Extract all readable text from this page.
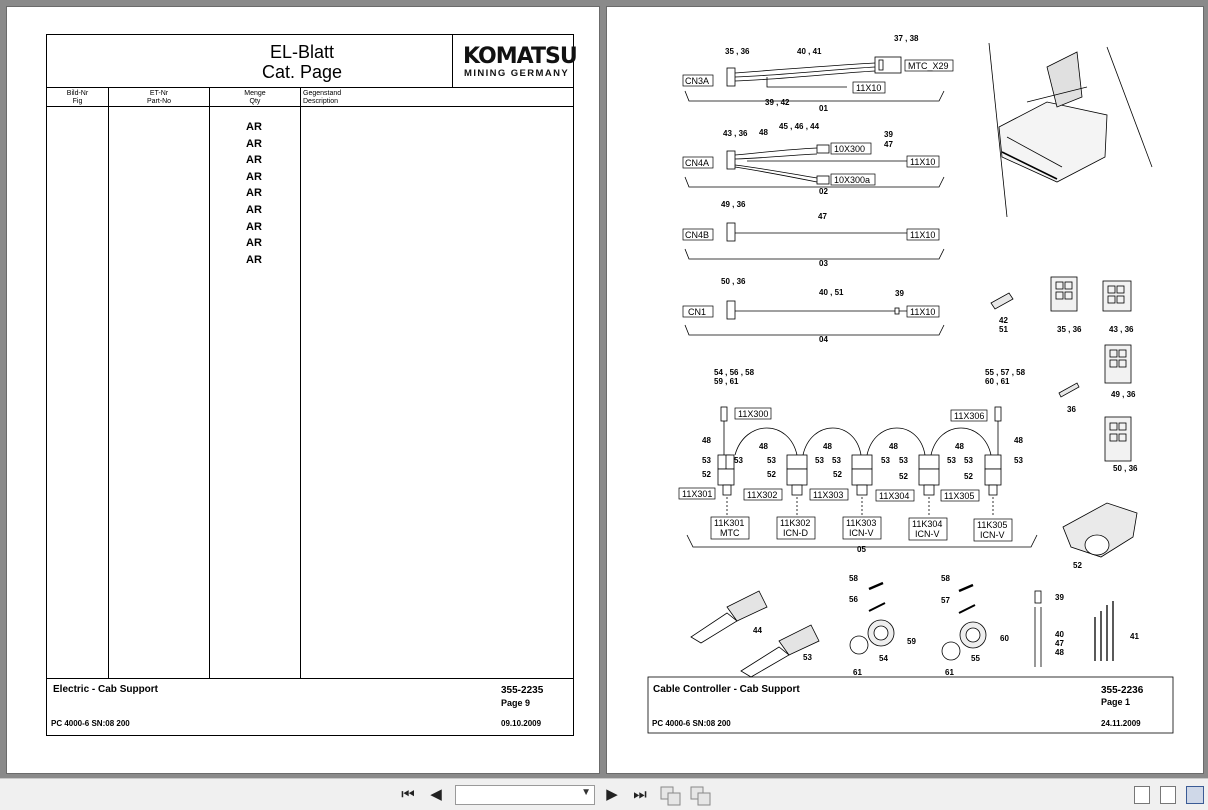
EL-Blatt
Cat. Page
KOMATSU
MINING GERMANY
Bild-Nr
Fig
ET-Nr
Part-No
Menge
Qty
Gegenstand
Description
AR
AR
AR
AR
AR
AR
AR
AR
AR
Electric - Cab Support	355-2235
Page 9
PC 4000-6 SN:08 200	09.10.2009
35 , 36	40 , 41
37 , 38
CN3A
MTC_X29
11X10
39 , 42
01
43 , 36 48
45 , 46 , 44
CN4A
10X300
10X300a
39
47
11X10
02
49 , 36
47
CN4B	11X10
03
50 , 36
40 , 51	39
CN1	11X10
04
54 , 56 , 58
59 , 61
55 , 57 , 58
60 , 61
11X300	11X306
48
48	48	48	48
48
53	53	53	53 53	53 53	53 53	53
52	52	52	52	52
11X301	11X302	11X303	11X304	11X305
11K301
MTC
11K302
ICN-D
11K303
ICN-V
11K304
ICN-V
11K305
ICN-V
05
42
51	35 , 36	43 , 36
49 , 36
36
50 , 36
52
44
53
58
56
59
54
61
58
57
60
55
61
39
40
47
48
41
Cable Controller - Cab Support	355-2236
Page 1
PC 4000-6 SN:08 200	24.11.2009
⏮ ◀	▼ ▶ ⏭
